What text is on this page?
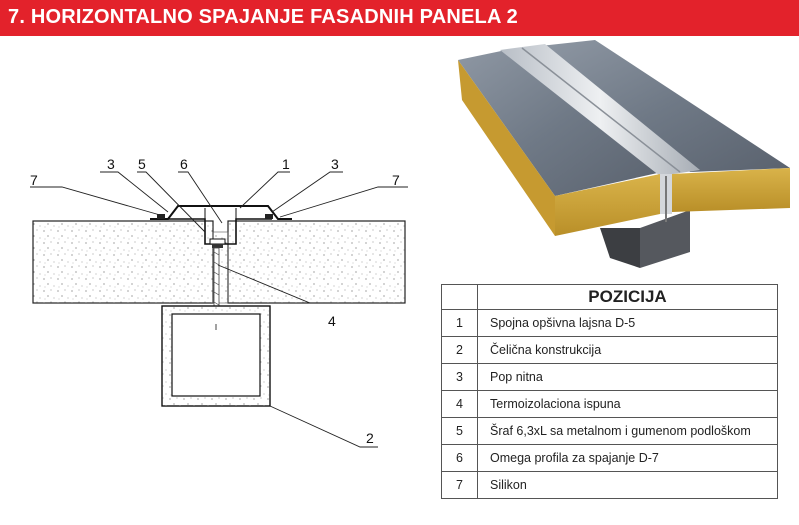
7. HORIZONTALNO SPAJANJE FASADNIH PANELA 2
7
3 5 6	1	3
7
4
2
	POZICIJA
1	Spojna opšivna lajsna D-5
2	Čelična konstrukcija
3	Pop nitna
4	Termoizolaciona ispuna
5	Šraf 6,3xL sa metalnom i gumenom podloškom
6	Omega profila za spajanje D-7
7	Silikon
